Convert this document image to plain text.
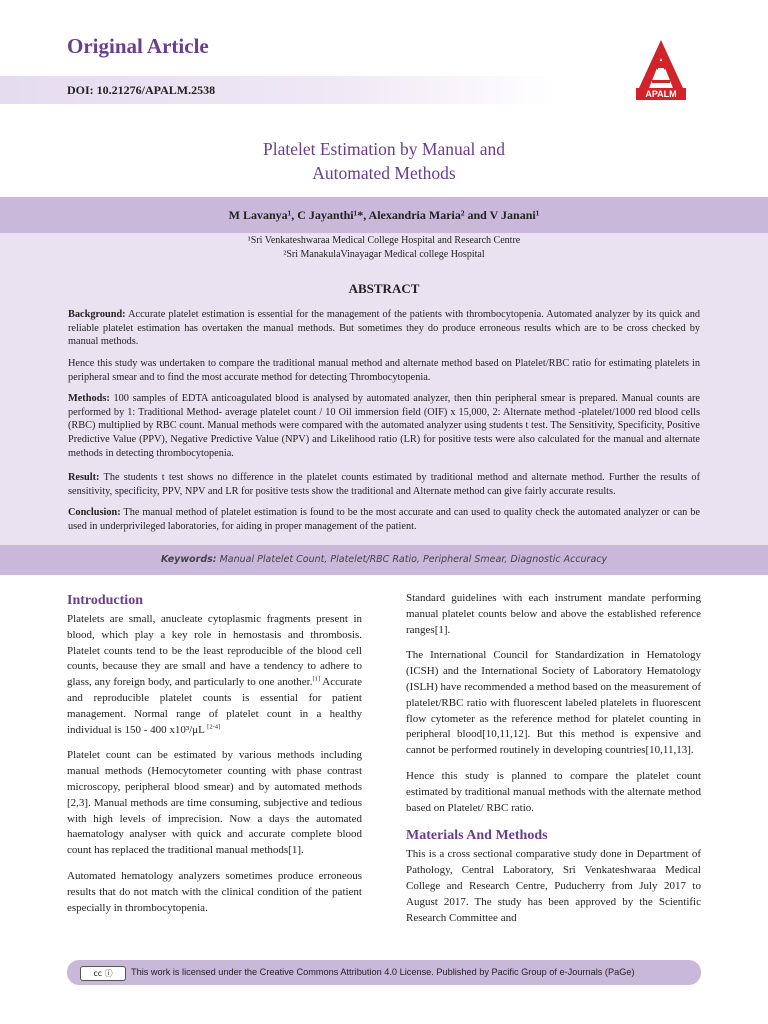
Original Article
DOI: 10.21276/APALM.2538	APALM
Platelet Estimation by Manual and
Automated Methods
M Lavanya¹, C Jayanthi¹*, Alexandria Maria² and V Janani¹
¹Sri Venkateshwaraa Medical College Hospital and Research Centre
²Sri ManakulaVinayagar Medical college Hospital
ABSTRACT

Background: Accurate platelet estimation is essential for the management of the patients with thrombocytopenia. Automated analyzer by its quick and reliable platelet estimation has overtaken the manual methods. But sometimes they do produce erroneous results which are to be cross checked by manual methods.

Hence this study was undertaken to compare the traditional manual method and alternate method based on Platelet/RBC ratio for estimating platelets in peripheral smear and to find the most accurate method for detecting Thrombocytopenia.

Methods: 100 samples of EDTA anticoagulated blood is analysed by automated analyzer, then thin peripheral smear is prepared. Manual counts are performed by 1: Traditional Method- average platelet count / 10 Oil immersion field (OIF) x 15,000, 2: Alternate method -platelet/1000 red blood cells (RBC) multiplied by RBC count. Manual methods were compared with the automated analyzer using students t test. The Sensitivity, Specificity, Positive Predictive Value (PPV), Negative Predictive Value (NPV) and Likelihood ratio (LR) for positive tests were also calculated for the manual and alternate methods in detecting thrombocytopenia.

Result: The students t test shows no difference in the platelet counts estimated by traditional method and alternate method. Further the results of sensitivity, specificity, PPV, NPV and LR for positive tests show the traditional and Alternate method can give fairly accurate results.

Conclusion: The manual method of platelet estimation is found to be the most accurate and can used to quality check the automated analyzer or can be used in underprivileged laboratories, for aiding in proper management of the patient.

Keywords: Manual Platelet Count, Platelet/RBC Ratio, Peripheral Smear, Diagnostic Accuracy
Introduction

Platelets are small, anucleate cytoplasmic fragments present in blood, which play a key role in hemostasis and thrombosis. Platelet counts tend to be the least reproducible of the blood cell counts, because they are small and have a tendency to adhere to glass, any foreign body, and particularly to one another.[1] Accurate and reproducible platelet counts is essential for patient management. Normal range of platelet count in a healthy individual is 150 - 400 x10³/μL [2-4]

Platelet count can be estimated by various methods including manual methods (Hemocytometer counting with phase contrast microscopy, peripheral blood smear) and by automated methods [2,3]. Manual methods are time consuming, subjective and tedious with high levels of imprecision. Now a days the automated haematology analyser with quick and accurate complete blood count has replaced the traditional manual methods[1].

Automated hematology analyzers sometimes produce erroneous results that do not match with the clinical condition of the patient especially in thrombocytopenia.

Standard guidelines with each instrument mandate performing manual platelet counts below and above the established reference ranges[1].

The International Council for Standardization in Hematology (ICSH) and the International Society of Laboratory Hematology (ISLH) have recommended a method based on the measurement of platelet/RBC ratio with fluorescent labeled platelets in fluorescent flow cytometer as the reference method for platelet counting in peripheral blood[10,11,12]. But this method is expensive and cannot be performed routinely in developing countries[10,11,13].

Hence this study is planned to compare the platelet count estimated by traditional manual methods with the alternate method based on Platelet/ RBC ratio.

Materials And Methods

This is a cross sectional comparative study done in Department of Pathology, Central Laboratory, Sri Venkateshwaraa Medical College and Research Centre, Puducherry from July 2017 to August 2017. The study has been approved by the Scientific Research Committee and

cc ⓘ	This work is licensed under the Creative Commons Attribution 4.0 License. Published by Pacific Group of e-Journals (PaGe)
